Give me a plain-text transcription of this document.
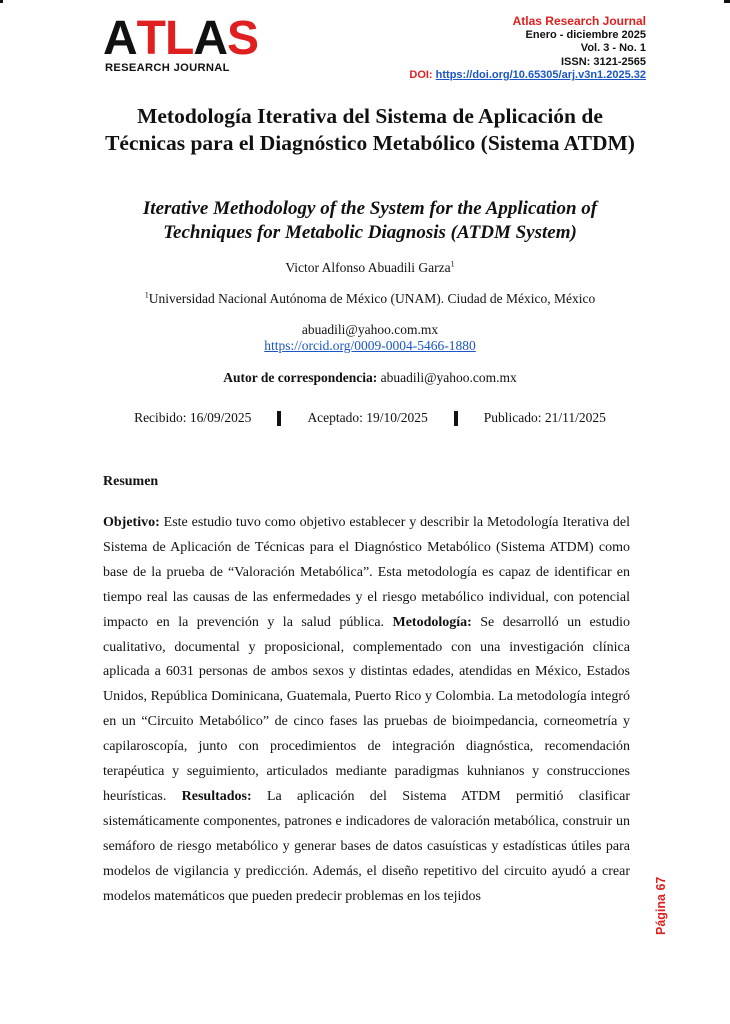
A TL A S
RESEARCH JOURNAL
Atlas Research Journal
Enero - diciembre 2025
Vol. 3 - No. 1
ISSN: 3121-2565
DOI: https://doi.org/10.65305/arj.v3n1.2025.32
Metodología Iterativa del Sistema de Aplicación de Técnicas para el Diagnóstico Metabólico (Sistema ATDM)
Iterative Methodology of the System for the Application of Techniques for Metabolic Diagnosis (ATDM System)
Victor Alfonso Abuadili Garza$^1$
$^1$Universidad Nacional Autónoma de México (UNAM). Ciudad de México, México
abuadili@yahoo.com.mx
https://orcid.org/0009-0004-5466-1880
Autor de correspondencia: abuadili@yahoo.com.mx
Recibido: 16/09/2025	Aceptado: 19/10/2025	Publicado: 21/11/2025
Resumen
Objetivo: Este estudio tuvo como objetivo establecer y describir la Metodología Iterativa del Sistema de Aplicación de Técnicas para el Diagnóstico Metabólico (Sistema ATDM) como base de la prueba de “Valoración Metabólica”. Esta metodología es capaz de identificar en tiempo real las causas de las enfermedades y el riesgo metabólico individual, con potencial impacto en la prevención y la salud pública. Metodología: Se desarrolló un estudio cualitativo, documental y proposicional, complementado con una investigación clínica aplicada a 6031 personas de ambos sexos y distintas edades, atendidas en México, Estados Unidos, República Dominicana, Guatemala, Puerto Rico y Colombia. La metodología integró en un “Circuito Metabólico” de cinco fases las pruebas de bioimpedancia, corneometría y capilaroscopía, junto con procedimientos de integración diagnóstica, recomendación terapéutica y seguimiento, articulados mediante paradigmas kuhnianos y construcciones heurísticas. Resultados: La aplicación del Sistema ATDM permitió clasificar sistemáticamente componentes, patrones e indicadores de valoración metabólica, construir un semáforo de riesgo metabólico y generar bases de datos casuísticas y estadísticas útiles para modelos de vigilancia y predicción. Además, el diseño repetitivo del circuito ayudó a crear modelos matemáticos que pueden predecir problemas en los tejidos	Página 67
